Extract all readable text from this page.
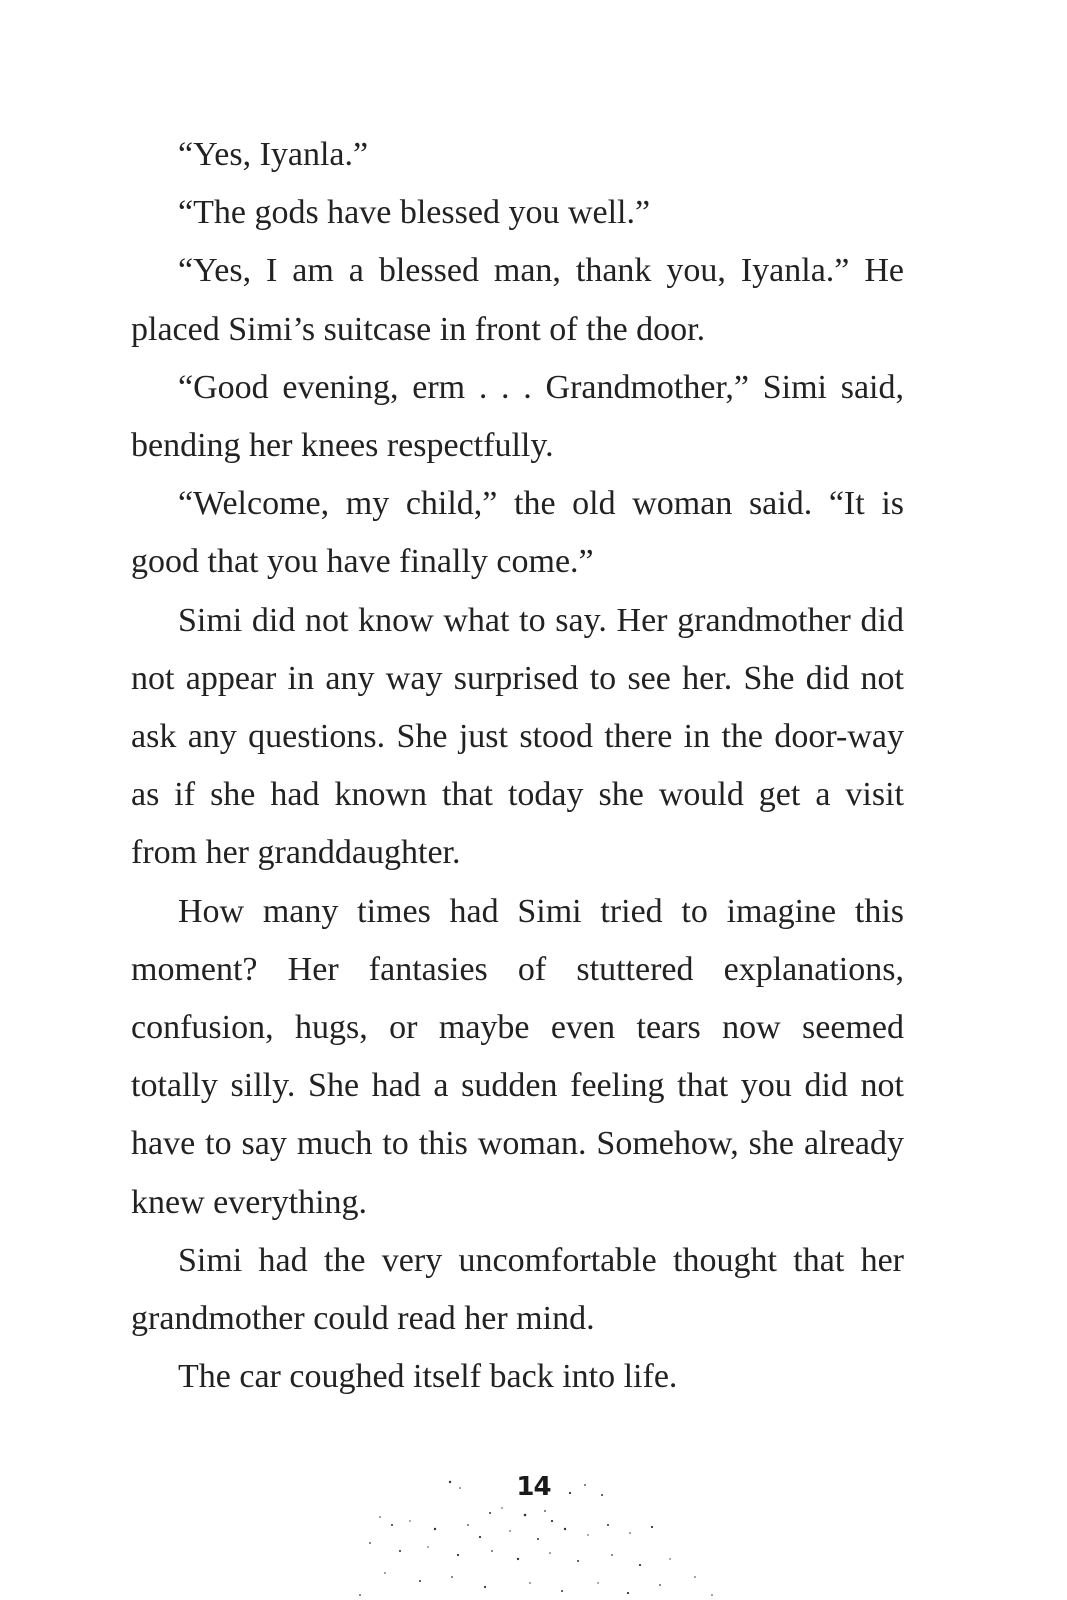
“Yes, Iyanla.”

“The gods have blessed you well.”

“Yes, I am a blessed man, thank you, Iyanla.” He placed Simi’s suitcase in front of the door.

“Good evening, erm . . . Grandmother,” Simi said, bending her knees respectfully.

“Welcome, my child,” the old woman said. “It is good that you have finally come.”

Simi did not know what to say. Her grandmother did not appear in any way surprised to see her. She did not ask any questions. She just stood there in the door-way as if she had known that today she would get a visit from her granddaughter.

How many times had Simi tried to imagine this moment? Her fantasies of stuttered explanations, confusion, hugs, or maybe even tears now seemed totally silly. She had a sudden feeling that you did not have to say much to this woman. Somehow, she already knew everything.

Simi had the very uncomfortable thought that her grandmother could read her mind.

The car coughed itself back into life.

14
